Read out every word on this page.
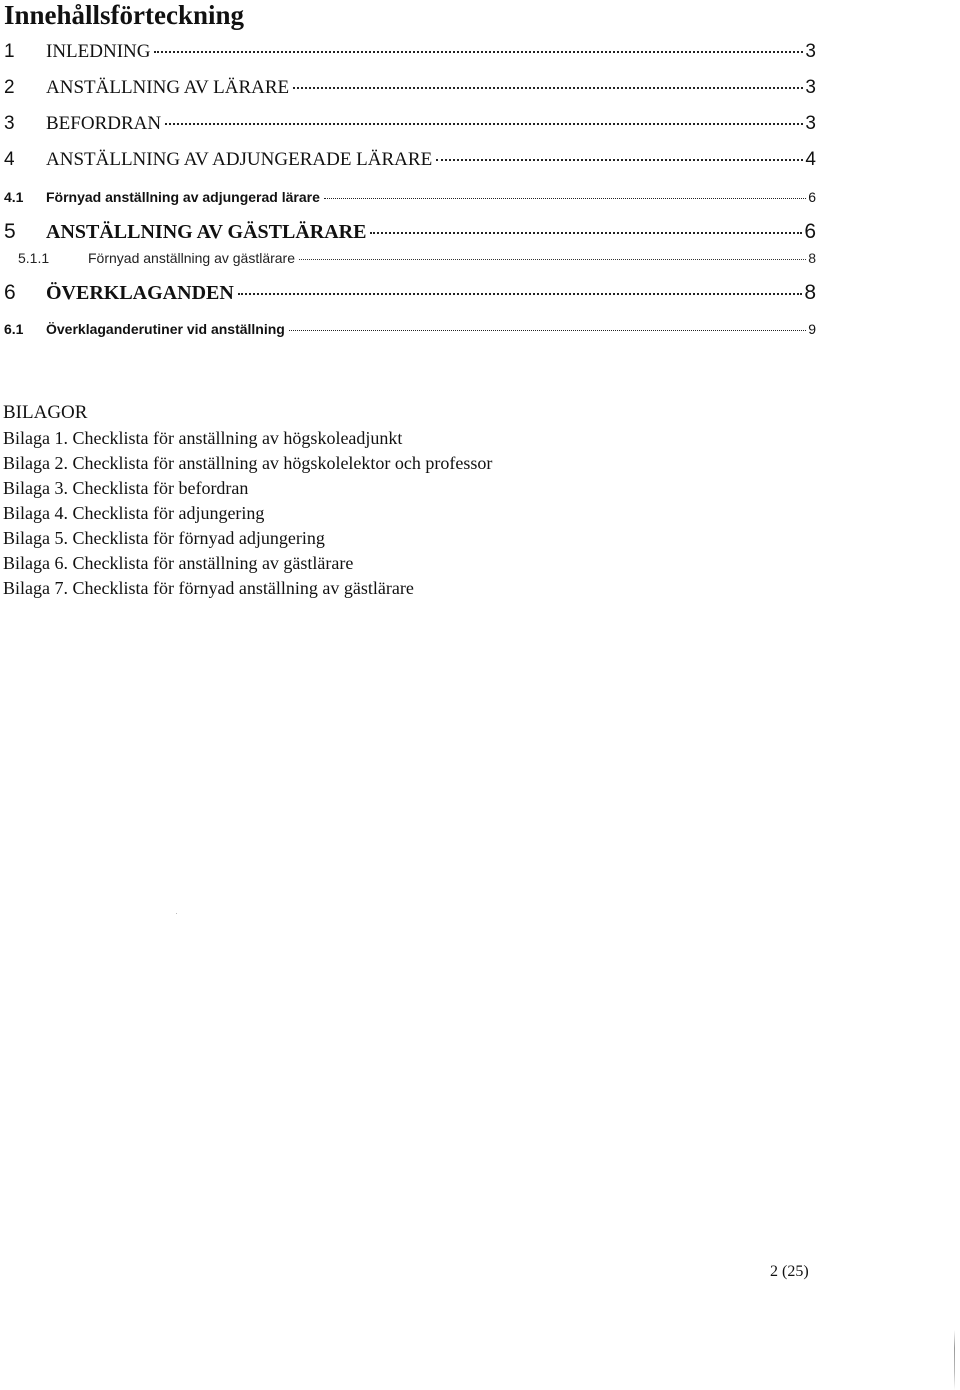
Innehållsförteckning
1	INLEDNING	3
2	ANSTÄLLNING AV LÄRARE	3
3	BEFORDRAN	3
4	ANSTÄLLNING AV ADJUNGERADE LÄRARE	4
4.1	Förnyad anställning av adjungerad lärare	6
5	ANSTÄLLNING AV GÄSTLÄRARE	6
5.1.1	Förnyad anställning av gästlärare	8
6	ÖVERKLAGANDEN	8
6.1	Överklaganderutiner vid anställning	9
BILAGOR
Bilaga 1. Checklista för anställning av högskoleadjunkt
Bilaga 2. Checklista för anställning av högskolelektor och professor
Bilaga 3. Checklista för befordran
Bilaga 4. Checklista för adjungering
Bilaga 5. Checklista för förnyad adjungering
Bilaga 6. Checklista för anställning av gästlärare
Bilaga 7. Checklista för förnyad anställning av gästlärare
2 (25)
